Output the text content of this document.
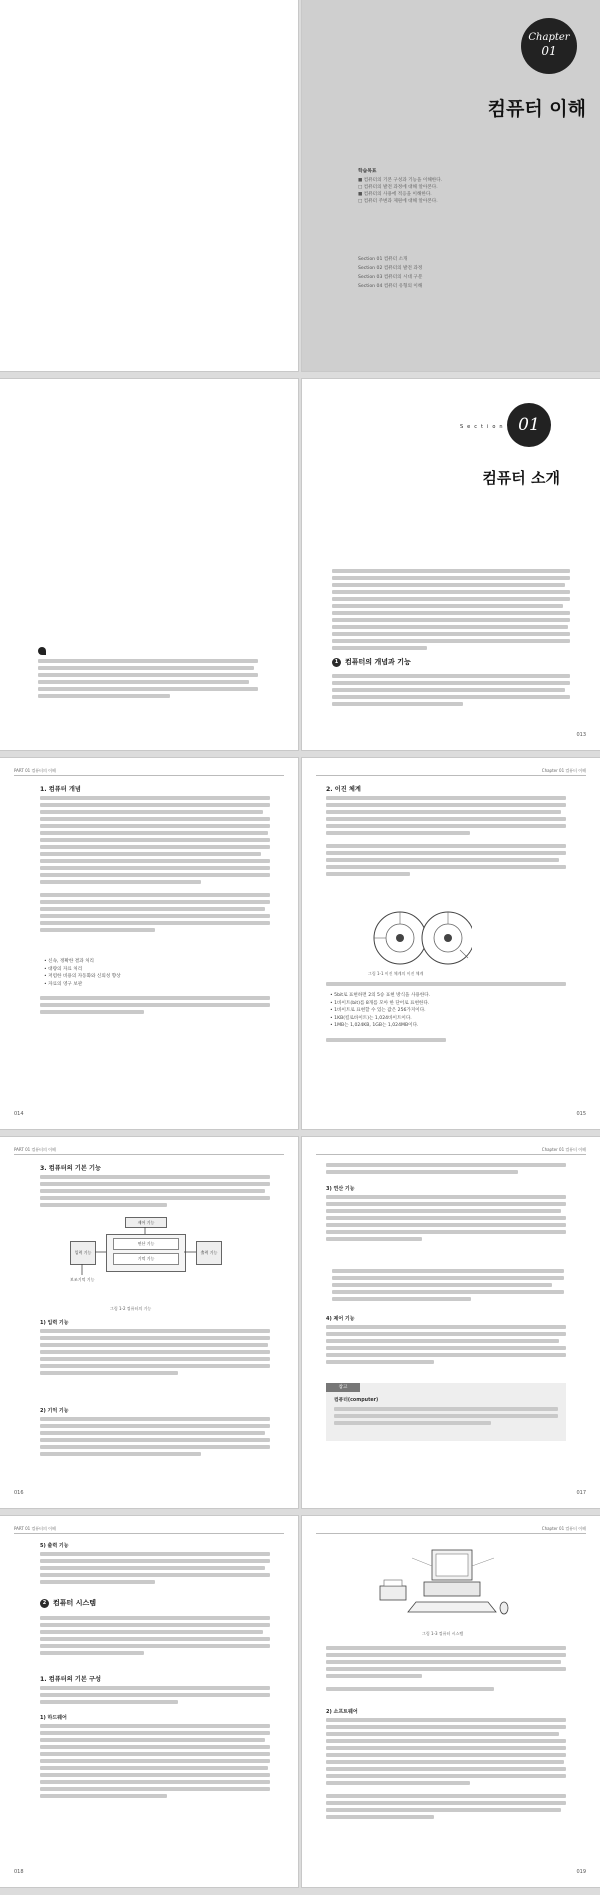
Chapter
01
컴퓨터 이해
학습목표
■ 컴퓨터의 기본 구성과 기능을 이해한다.
□ 컴퓨터의 발전 과정에 대해 알아본다.
■ 컴퓨터의 사용에 적응을 이해한다.
□ 컴퓨터 주변과 제원에 대해 알아본다.
Section 01 컴퓨터 소개
Section 02 컴퓨터의 발전 과정
Section 03 컴퓨터의 시대 구분
Section 04 컴퓨터 유형의 이해
Section 01
컴퓨터 소개
1 컴퓨터의 개념과 기능
013
PART 01 컴퓨터의 이해
1. 컴퓨터 개념
• 신속, 정확한 결과 처리
• 대량의 자료 처리
• 저렴한 비용의 자동화와 신뢰성 향상
• 자료의 영구 보관
014
Chapter 01 컴퓨터 이해
2. 이진 체계
그림 1-1 이진 체계의 이진 체계
• 5bit로 표현하면 2의 5승 표현 방식을 사용한다.
• 1바이트(bit)를 8개를 모아 한 단어로 표현한다.
• 1바이트로 표현할 수 있는 값은 256가지이다.
• 1KB(킬로바이트)는 1,024바이트이다.
• 1MB는 1,024KB, 1GB는 1,024MB이다.
015
PART 01 컴퓨터의 이해
3. 컴퓨터의 기본 기능
제어 기능
입력 기능
연산 기능
기억 기능
출력 기능
보조기억 기능
그림 1-2 컴퓨터의 기능
1) 입력 기능
2) 기억 기능
016
Chapter 01 컴퓨터 이해
3) 연산 기능
4) 제어 기능
참고
컴퓨터(computer)
017
PART 01 컴퓨터의 이해
5) 출력 기능
2 컴퓨터 시스템
1. 컴퓨터의 기본 구성
1) 하드웨어
018
Chapter 01 컴퓨터 이해
그림 1-3 컴퓨터 시스템
2) 소프트웨어
019
